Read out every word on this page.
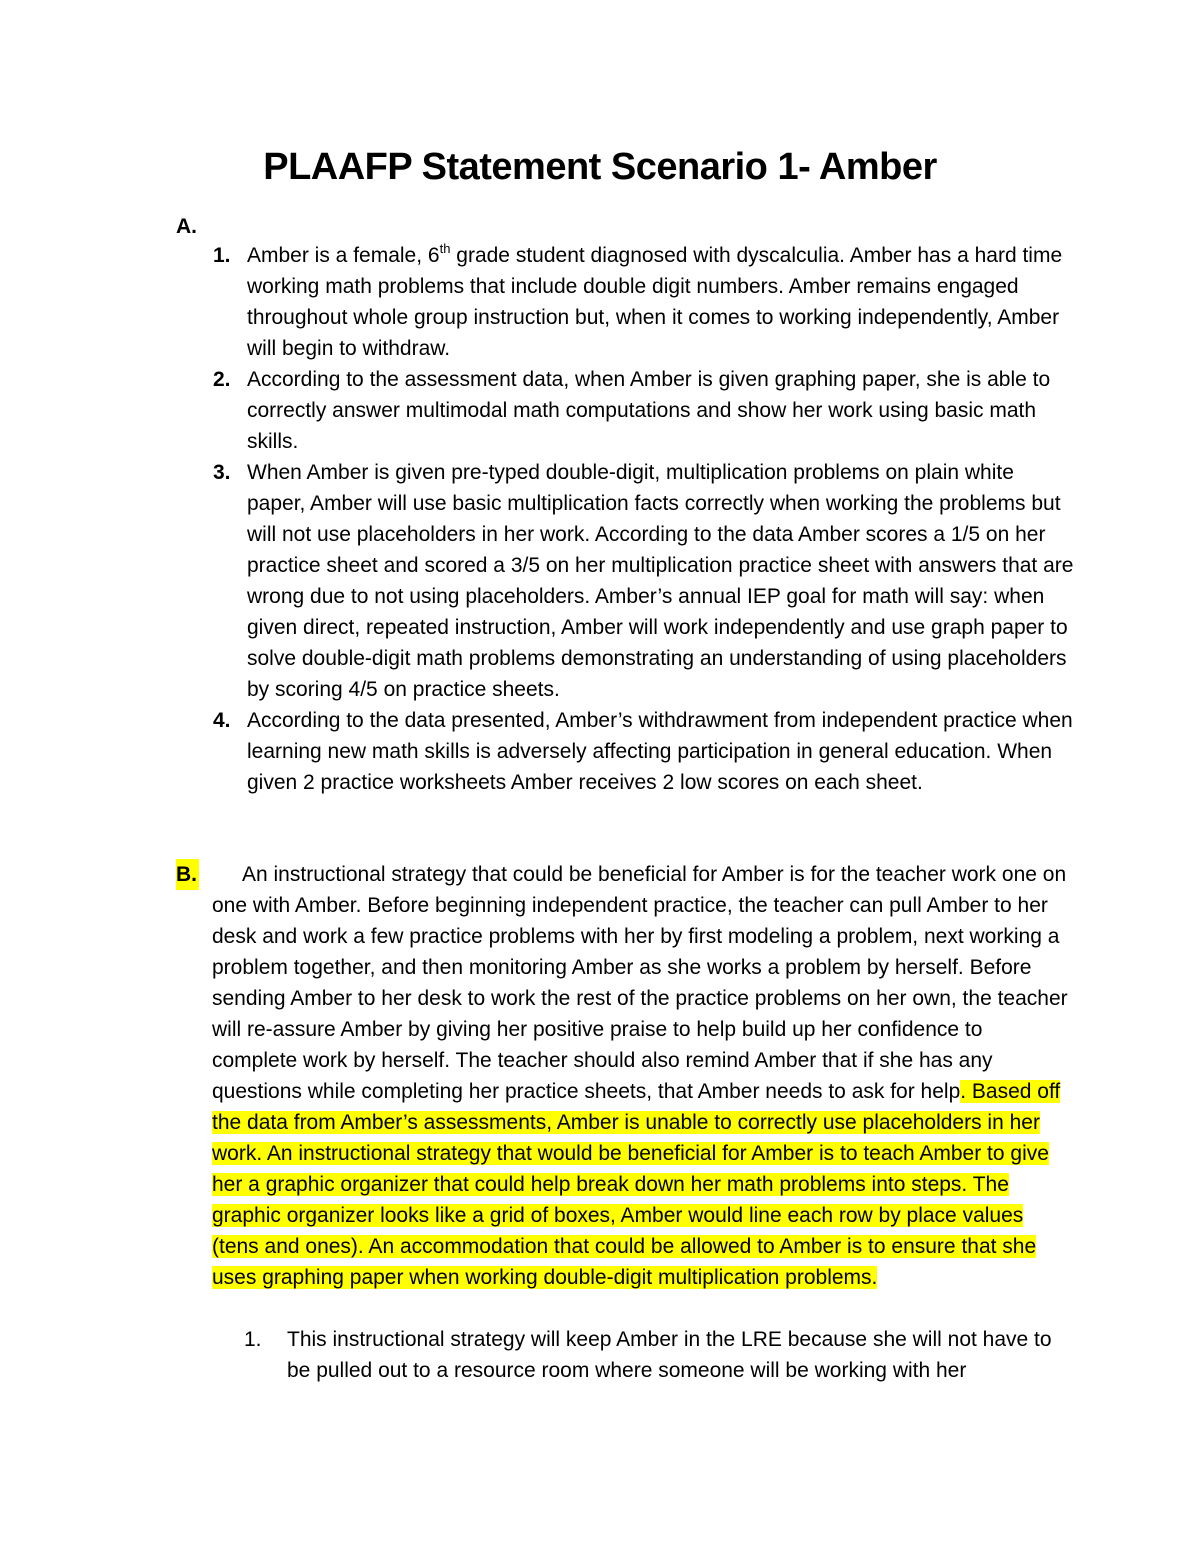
PLAAFP Statement Scenario 1- Amber
A.
1. Amber is a female, 6th grade student diagnosed with dyscalculia. Amber has a hard time working math problems that include double digit numbers. Amber remains engaged throughout whole group instruction but, when it comes to working independently, Amber will begin to withdraw.
2. According to the assessment data, when Amber is given graphing paper, she is able to correctly answer multimodal math computations and show her work using basic math skills.
3. When Amber is given pre-typed double-digit, multiplication problems on plain white paper, Amber will use basic multiplication facts correctly when working the problems but will not use placeholders in her work. According to the data Amber scores a 1/5 on her practice sheet and scored a 3/5 on her multiplication practice sheet with answers that are wrong due to not using placeholders. Amber’s annual IEP goal for math will say: when given direct, repeated instruction, Amber will work independently and use graph paper to solve double-digit math problems demonstrating an understanding of using placeholders by scoring 4/5 on practice sheets.
4. According to the data presented, Amber’s withdrawment from independent practice when learning new math skills is adversely affecting participation in general education. When given 2 practice worksheets Amber receives 2 low scores on each sheet.
B.	An instructional strategy that could be beneficial for Amber is for the teacher work one on one with Amber. Before beginning independent practice, the teacher can pull Amber to her desk and work a few practice problems with her by first modeling a problem, next working a problem together, and then monitoring Amber as she works a problem by herself. Before sending Amber to her desk to work the rest of the practice problems on her own, the teacher will re-assure Amber by giving her positive praise to help build up her confidence to complete work by herself. The teacher should also remind Amber that if she has any questions while completing her practice sheets, that Amber needs to ask for help. Based off the data from Amber’s assessments, Amber is unable to correctly use placeholders in her work. An instructional strategy that would be beneficial for Amber is to teach Amber to give her a graphic organizer that could help break down her math problems into steps. The graphic organizer looks like a grid of boxes, Amber would line each row by place values (tens and ones). An accommodation that could be allowed to Amber is to ensure that she uses graphing paper when working double-digit multiplication problems.

1. This instructional strategy will keep Amber in the LRE because she will not have to be pulled out to a resource room where someone will be working with her
